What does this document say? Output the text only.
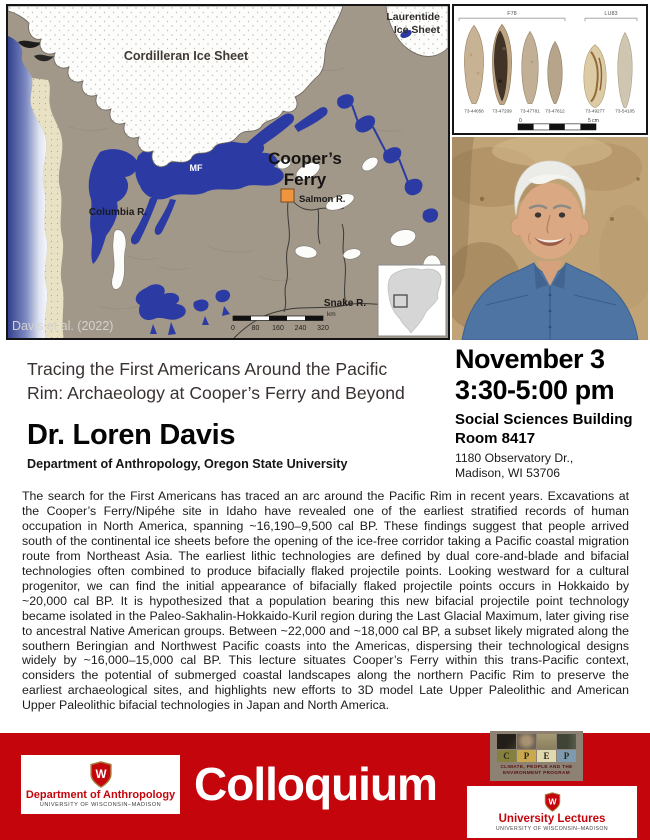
Cordilleran Ice Sheet
Laurentide
Ice Sheet
Cooper’s
Ferry
Salmon R.
Columbia R.
Snake R.
MF
Davis et al. (2022)	0 80 160 240 320
km
F78	LU83
73-44058 73-47209 73-47781 73-47812	73-49277 73-54105
0	5 cm
Tracing the First Americans Around the Pacific
Rim: Archaeology at Cooper’s Ferry and Beyond
Dr. Loren Davis
Department of Anthropology, Oregon State University
November 3
3:30-5:00 pm
Social Sciences Building
Room 8417
1180 Observatory Dr.,
Madison, WI 53706

The search for the First Americans has traced an arc around the Pacific Rim in recent years. Excavations at the Cooper’s Ferry/Nipéhe site in Idaho have revealed one of the earliest stratified records of human occupation in North America, spanning ~16,190–9,500 cal BP. These findings suggest that people arrived south of the continental ice sheets before the opening of the ice-free corridor taking a Pacific coastal migration route from Northeast Asia. The earliest lithic technologies are defined by dual core-and-blade and bifacial technologies often combined to produce bifacially flaked projectile points. Looking westward for a cultural progenitor, we can find the initial appearance of bifacially flaked projectile points occurs in Hokkaido by ~20,000 cal BP. It is hypothesized that a population bearing this new bifacial projectile point technology became isolated in the Paleo-Sakhalin-Hokkaido-Kuril region during the Last Glacial Maximum, later giving rise to ancestral Native American groups. Between ~22,000 and ~18,000 cal BP, a subset likely migrated along the southern Beringian and Northwest Pacific coasts into the Americas, dispersing their technological designs widely by ~16,000–15,000 cal BP. This lecture situates Cooper’s Ferry within this trans-Pacific context, considers the potential of submerged coastal landscapes along the northern Pacific Rim to preserve the earliest archaeological sites, and highlights new efforts to 3D model Late Upper Paleolithic and American Upper Paleolithic bifacial technologies in Japan and North America.

W
Department of Anthropology
UNIVERSITY OF WISCONSIN–MADISON Colloquium
C	P	E	P
CLIMATE, PEOPLE AND THE
ENVIRONMENT PROGRAM
W
University Lectures
UNIVERSITY OF WISCONSIN–MADISON
